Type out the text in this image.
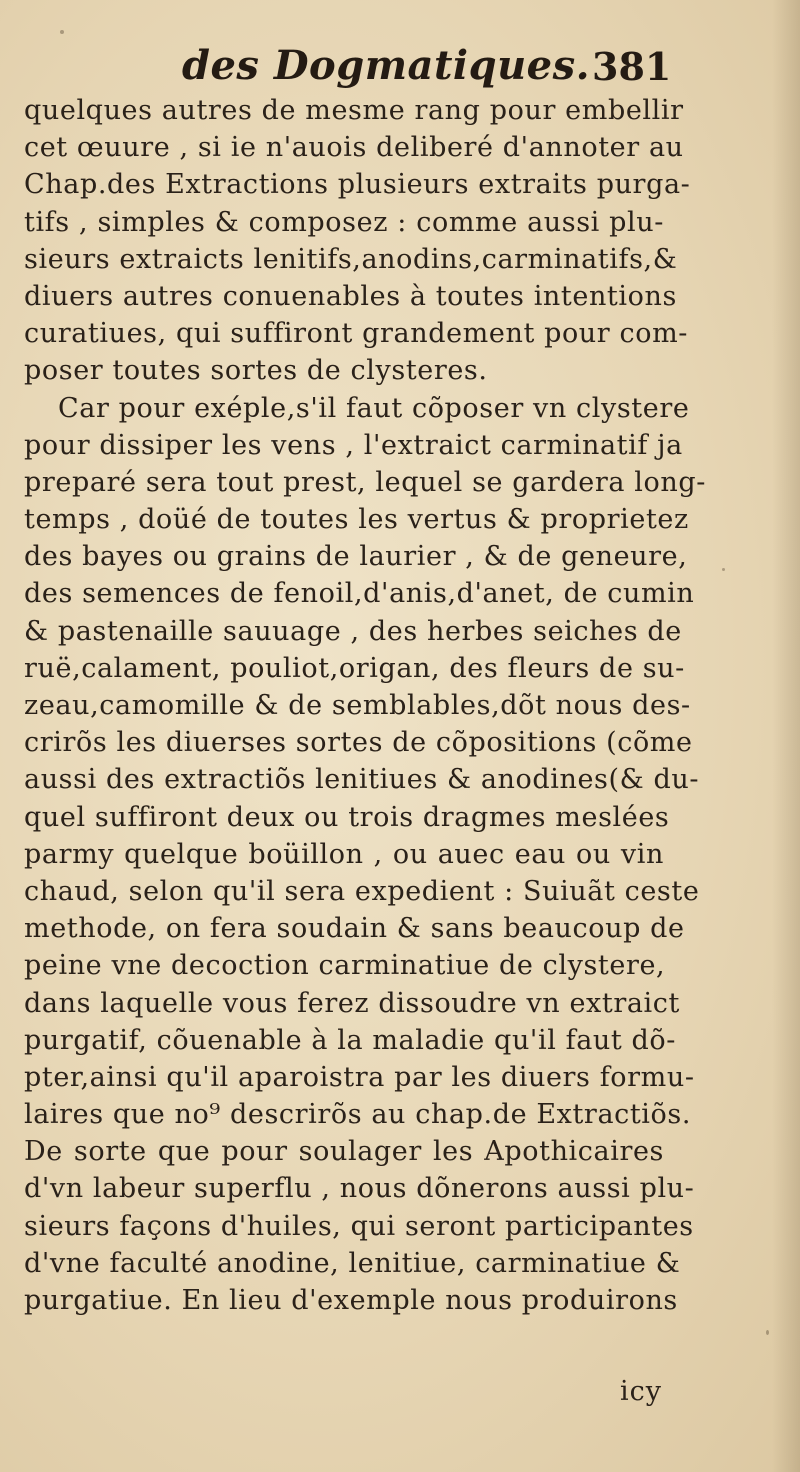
des Dogmatiques. 381
quelques autres de mesme rang pour embellir
cet œuure , si ie n'auois deliberé d'annoter au
Chap.des Extractions plusieurs extraits purga-
tifs , simples & composez : comme aussi plu-
sieurs extraicts lenitifs,anodins,carminatifs,&
diuers autres conuenables à toutes intentions
curatiues, qui suffiront grandement pour com-
poser toutes sortes de clysteres.
Car pour exéple,s'il faut cõposer vn clystere
pour dissiper les vens , l'extraict carminatif ja
preparé sera tout prest, lequel se gardera long-
temps , doüé de toutes les vertus & proprietez
des bayes ou grains de laurier , & de geneure,
des semences de fenoil,d'anis,d'anet, de cumin
& pastenaille sauuage , des herbes seiches de
ruë,calament, pouliot,origan, des fleurs de su-
zeau,camomille & de semblables,dõt nous des-
crirõs les diuerses sortes de cõpositions (cõme
aussi des extractiõs lenitiues & anodines(& du-
quel suffiront deux ou trois dragmes meslées
parmy quelque boüillon , ou auec eau ou vin
chaud, selon qu'il sera expedient : Suiuãt ceste
methode, on fera soudain & sans beaucoup de
peine vne decoction carminatiue de clystere,
dans laquelle vous ferez dissoudre vn extraict
purgatif, cõuenable à la maladie qu'il faut dõ-
pter,ainsi qu'il aparoistra par les diuers formu-
laires que no⁹ descrirõs au chap.de Extractiõs.
De sorte que pour soulager les Apothicaires
d'vn labeur superflu , nous dõnerons aussi plu-
sieurs façons d'huiles, qui seront participantes
d'vne faculté anodine, lenitiue, carminatiue &
purgatiue. En lieu d'exemple nous produirons
icy
